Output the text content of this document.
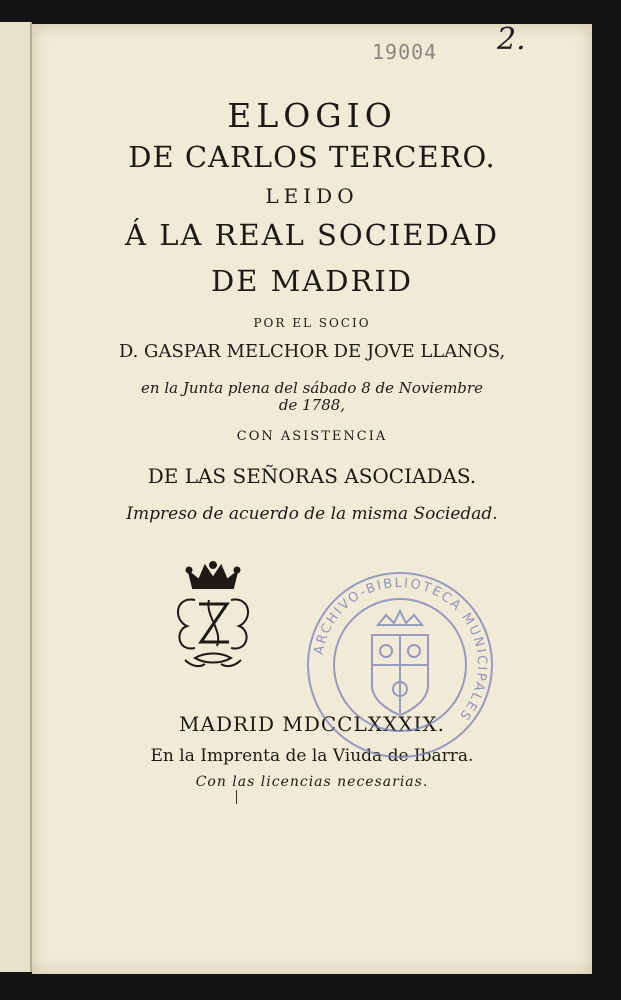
ELOGIO
DE CARLOS TERCERO.
LEIDO
Á LA REAL SOCIEDAD
DE MADRID
POR EL SOCIO
D. GASPAR MELCHOR DE JOVE LLANOS,
en la Junta plena del sábado 8 de Noviembre
de 1788,
CON ASISTENCIA
DE LAS SEÑORAS ASOCIADAS.
Impreso de acuerdo de la misma Sociedad.
MADRID MDCCLXXXIX.
En la Imprenta de la Viuda de Ibarra.
Con las licencias necesarias.
19004 2.
ARCHIVO-BIBLIOTECA MUNICIPALES
